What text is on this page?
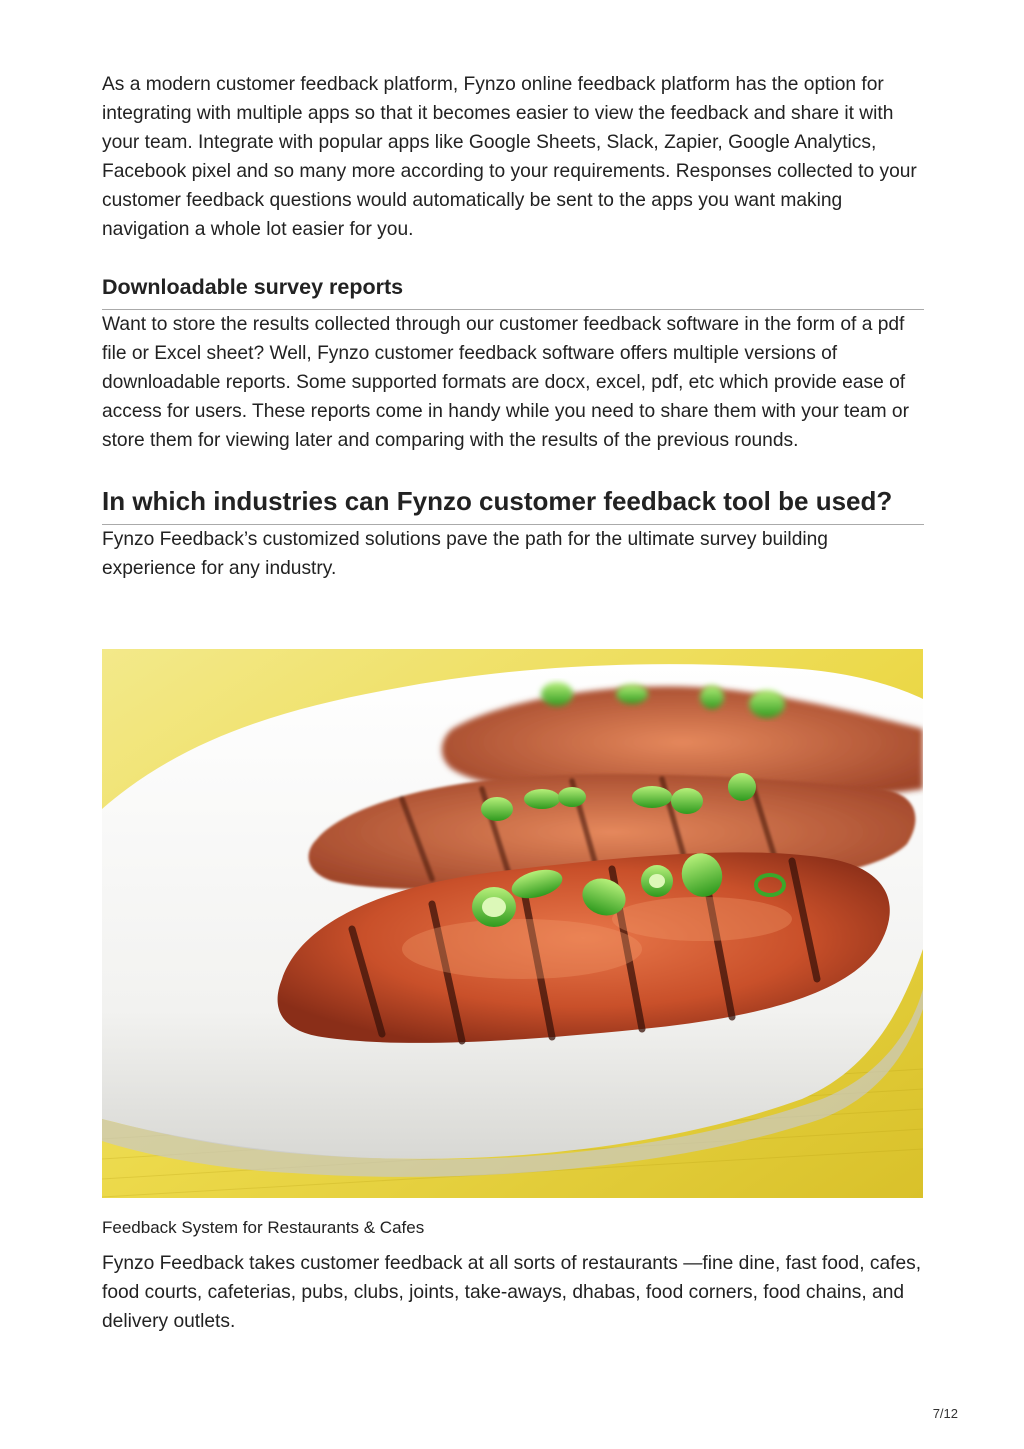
As a modern customer feedback platform, Fynzo online feedback platform has the option for integrating with multiple apps so that it becomes easier to view the feedback and share it with your team. Integrate with popular apps like Google Sheets, Slack, Zapier, Google Analytics, Facebook pixel and so many more according to your requirements. Responses collected to your customer feedback questions would automatically be sent to the apps you want making navigation a whole lot easier for you.

Downloadable survey reports

Want to store the results collected through our customer feedback software in the form of a pdf file or Excel sheet? Well, Fynzo customer feedback software offers multiple versions of downloadable reports. Some supported formats are docx, excel, pdf, etc which provide ease of access for users. These reports come in handy while you need to share them with your team or store them for viewing later and comparing with the results of the previous rounds.

In which industries can Fynzo customer feedback tool be used?

Fynzo Feedback’s customized solutions pave the path for the ultimate survey building experience for any industry.

Feedback System for Restaurants & Cafes

Fynzo Feedback takes customer feedback at all sorts of restaurants —fine dine, fast food, cafes, food courts, cafeterias, pubs, clubs, joints, take-aways, dhabas, food corners, food chains, and delivery outlets.

7/12
